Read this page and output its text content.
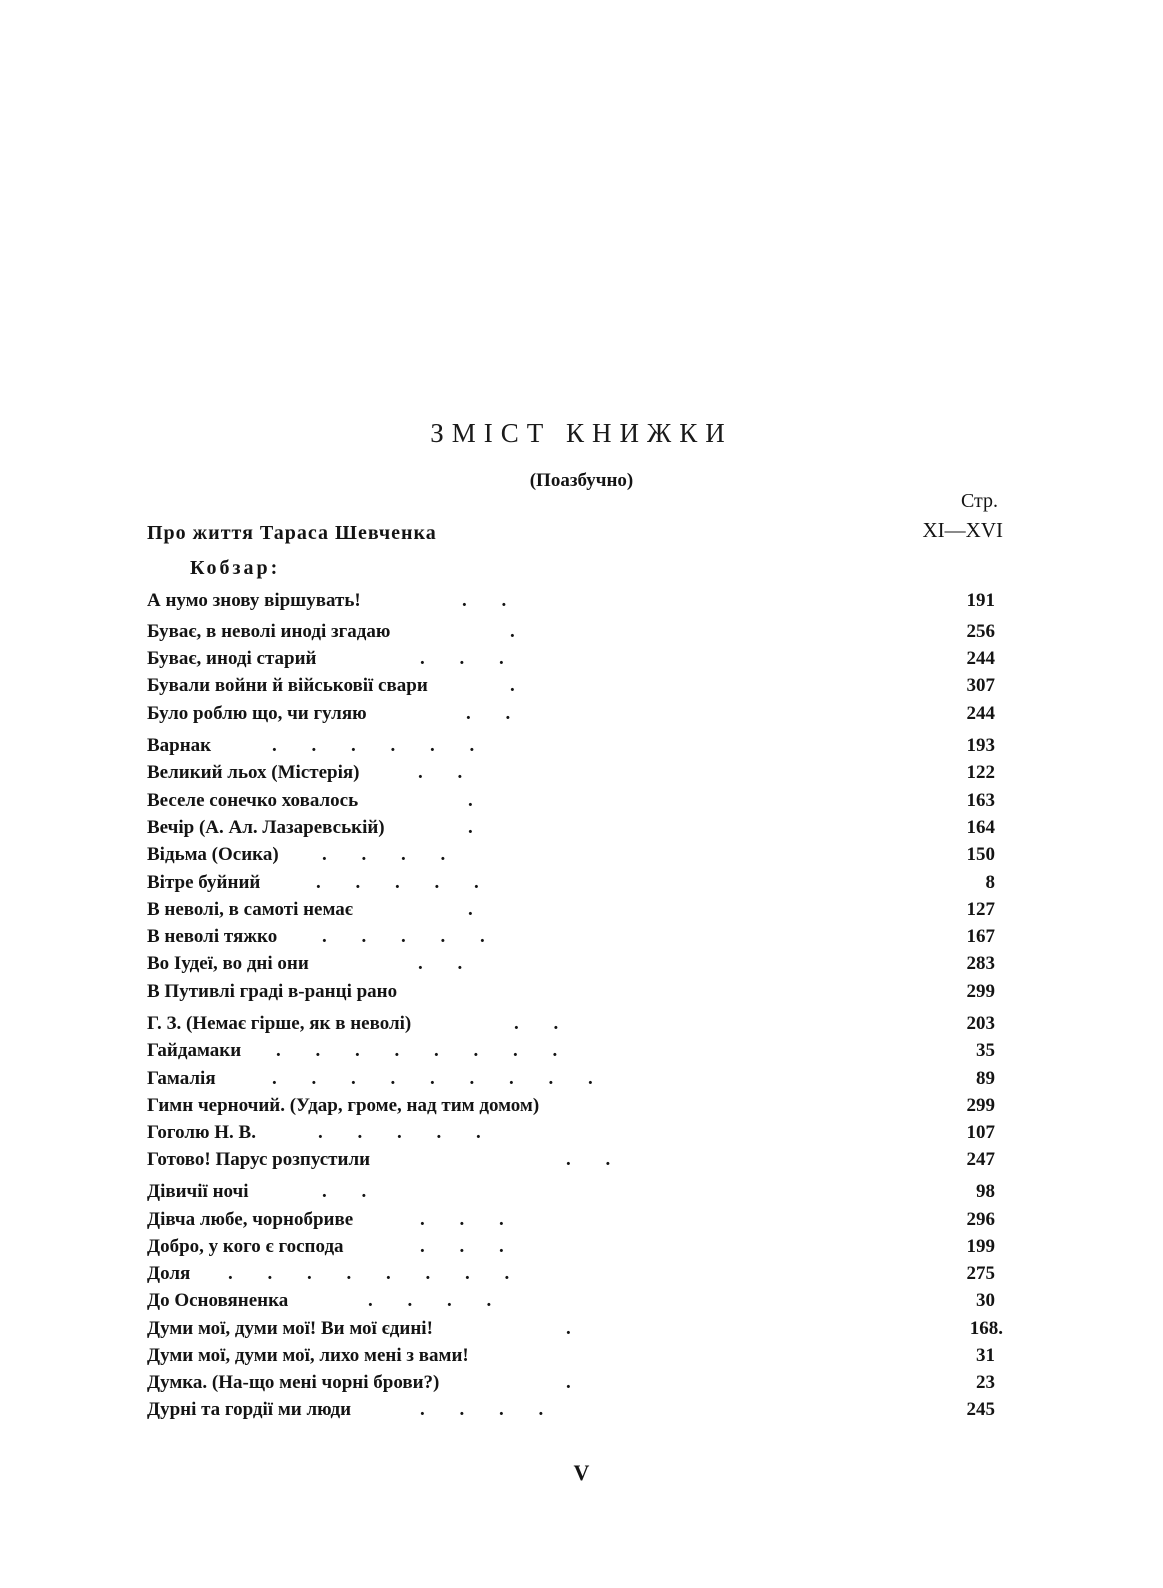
ЗМІСТ КНИЖКИ
(Поазбучно)
Стр.
Про життя Тараса Шевченка	XI—XVI
Кобзар:
А нумо знову віршувать!	. .	191
Буває, в неволі иноді згадаю	.	256
Буває, иноді старий	. . .	244
Бували войни й військовії свари	.	307
Було роблю що, чи гуляю	. .	244
Варнак	. . . . . .	193
Великий льох (Містерія)	. .	122
Веселе сонечко ховалось	.	163
Вечір (А. Ал. Лазаревській)	.	164
Відьма (Осика) . . . .	150
Вітре буйний	. . . . .	8
В неволі, в самоті немає	.	127
В неволі тяжко . . . . .	167
Во Іудеї, во дні они	. .	283
В Путивлі граді в-ранці рано	299
Г. З. (Немає гірше, як в неволі)	. .	203
Гайдамаки . . . . . . . .	35
Гамалія	. . . . . . . . .	89
Гимн черночий. (Удар, громе, над тим домом)	299
Гоголю Н. В.	. . . . .	107
Готово! Парус розпустили	. .	247
Дівичії ночі	. .	98
Дівча любе, чорнобриве	. . .	296
Добро, у кого є господа	. . .	199
Доля . . . . . . . .	275
До Основяненка	. . . .	30
Думи мої, думи мої! Ви мої єдині!	.	168.
Думи мої, думи мої, лихо мені з вами!	31
Думка. (На-що мені чорні брови?)	.	23
Дурні та гордії ми люди	. . . .	245
V
